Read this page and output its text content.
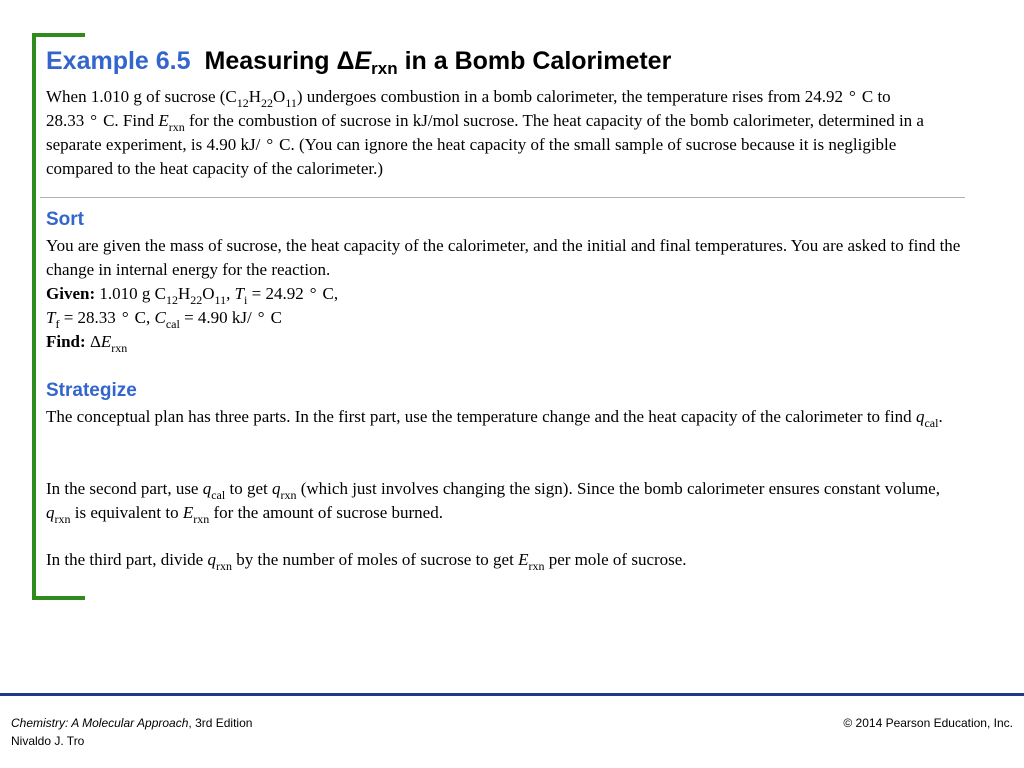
Example 6.5 Measuring $\Delta E_{rxn}$ in a Bomb Calorimeter
When 1.010 g of sucrose $(C_{12}H_{22}O_{11})$ undergoes combustion in a bomb calorimeter, the temperature rises from 24.92 ° C to 28.33 ° C. Find $E_{rxn}$ for the combustion of sucrose in kJ/mol sucrose. The heat capacity of the bomb calorimeter, determined in a separate experiment, is 4.90 kJ/ ° C. (You can ignore the heat capacity of the small sample of sucrose because it is negligible compared to the heat capacity of the calorimeter.)
Sort
You are given the mass of sucrose, the heat capacity of the calorimeter, and the initial and final temperatures. You are asked to find the change in internal energy for the reaction.
Given: 1.010 g $C_{12}H_{22}O_{11}$, $T_i = 24.92$ ° C,
$T_f = 28.33$ ° C, $C_{cal} = 4.90$ kJ/ ° C
Find: $\Delta E_{rxn}$
Strategize
The conceptual plan has three parts. In the first part, use the temperature change and the heat capacity of the calorimeter to find $q_{cal}$.
In the second part, use $q_{cal}$ to get $q_{rxn}$ (which just involves changing the sign). Since the bomb calorimeter ensures constant volume, $q_{rxn}$ is equivalent to $E_{rxn}$ for the amount of sucrose burned.
In the third part, divide $q_{rxn}$ by the number of moles of sucrose to get $E_{rxn}$ per mole of sucrose.
Chemistry: A Molecular Approach, 3rd Edition
Nivaldo J. Tro
© 2014 Pearson Education, Inc.
